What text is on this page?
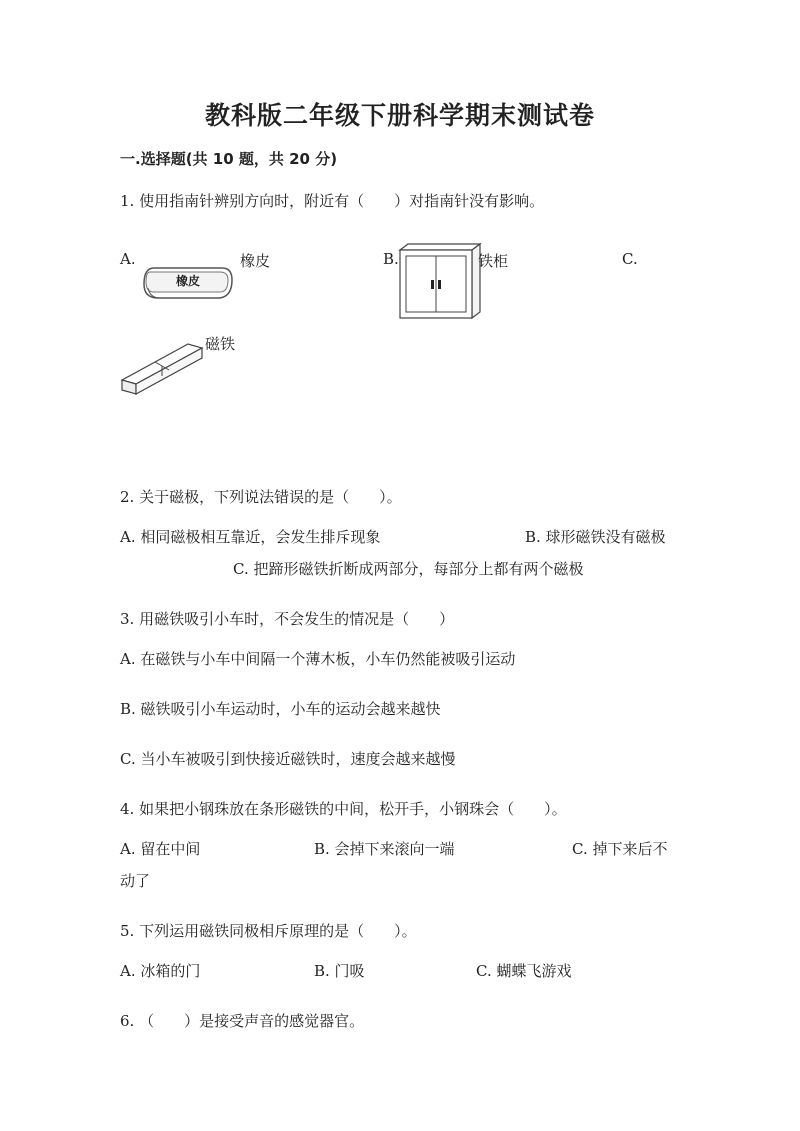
教科版二年级下册科学期末测试卷
一.选择题(共 10 题，共 20 分)
1. 使用指南针辨别方向时，附近有（　　）对指南针没有影响。
A.
橡皮
橡皮	B.	铁柜	C.
磁铁
2. 关于磁极，下列说法错误的是（　　）。
A. 相同磁极相互靠近，会发生排斥现象	B. 球形磁铁没有磁极
C. 把蹄形磁铁折断成两部分，每部分上都有两个磁极
3. 用磁铁吸引小车时，不会发生的情况是（　　）
A. 在磁铁与小车中间隔一个薄木板，小车仍然能被吸引运动
B. 磁铁吸引小车运动时，小车的运动会越来越快
C. 当小车被吸引到快接近磁铁时，速度会越来越慢
4. 如果把小钢珠放在条形磁铁的中间，松开手，小钢珠会（　　）。
A. 留在中间	B. 会掉下来滚向一端	C. 掉下来后不
动了
5. 下列运用磁铁同极相斥原理的是（　　）。
A. 冰箱的门	B. 门吸	C. 蝴蝶飞游戏
6. （　　）是接受声音的感觉器官。
